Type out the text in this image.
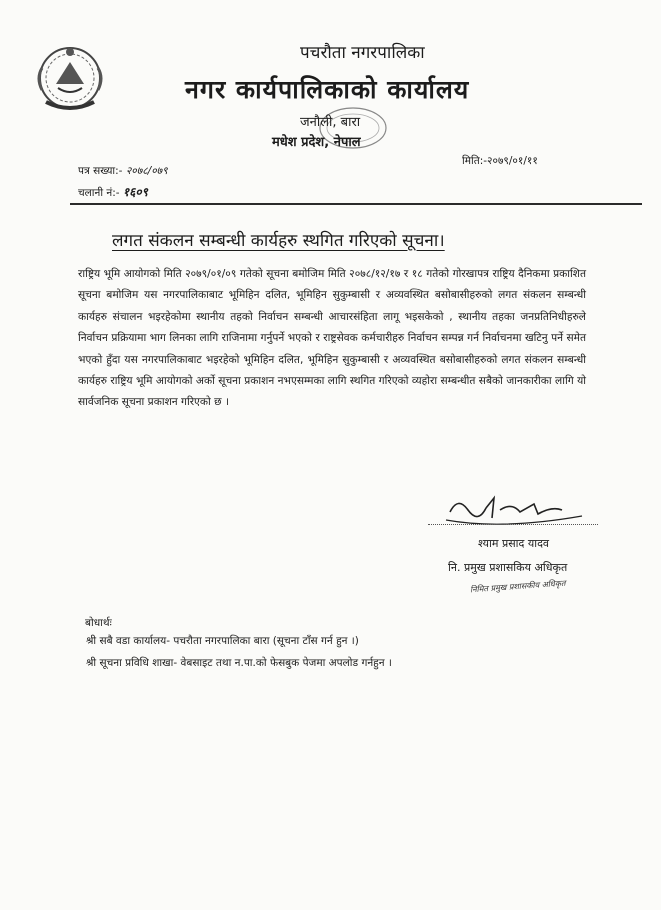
पचरौता नगरपालिका
नगर कार्यपालिकाको कार्यालय
जनौली, बारा
मधेश प्रदेश, नेपाल
पत्र सख्या:- २०७८/०७९
चलानी नं:- १६०९
मिति:-२०७९/०१/११
लगत संकलन सम्बन्धी कार्यहरु स्थगित गरिएको सूचना।
राष्ट्रिय भूमि आयोगको मिति २०७९/०१/०९ गतेको सूचना बमोजिम मिति २०७८/१२/१७ र १८ गतेको गोरखापत्र राष्ट्रिय दैनिकमा प्रकाशित सूचना बमोजिम यस नगरपालिकाबाट भूमिहिन दलित, भूमिहिन सुकुम्बासी र अव्यवस्थित बसोबासीहरुको लगत संकलन सम्बन्धी कार्यहरु संचालन भइरहेकोमा स्थानीय तहको निर्वाचन सम्बन्धी आचारसंहिता लागू भइसकेको , स्थानीय तहका जनप्रतिनिधीहरुले निर्वाचन प्रक्रियामा भाग लिनका लागि राजिनामा गर्नुपर्ने भएको र राष्ट्रसेवक कर्मचारीहरु निर्वाचन सम्पन्न गर्न निर्वाचनमा खटिनु पर्ने समेत भएको हुँदा यस नगरपालिकाबाट भइरहेको भूमिहिन दलित, भूमिहिन सुकुम्बासी र अव्यवस्थित बसोबासीहरुको लगत संकलन सम्बन्धी कार्यहरु राष्ट्रिय भूमि आयोगको अर्को सूचना प्रकाशन नभएसम्मका लागि स्थगित गरिएको व्यहोरा सम्बन्धीत सबैको जानकारीका लागि यो सार्वजनिक सूचना प्रकाशन गरिएको छ ।
श्याम प्रसाद यादव
नि. प्रमुख प्रशासकिय अधिकृत
निमित प्रमुख प्रशासकीय अधिकृत
बोधार्थः
श्री सबै वडा कार्यालय- पचरौता नगरपालिका बारा (सूचना टाँस गर्न हुन ।)
श्री सूचना प्रविधि शाखा- वेबसाइट तथा न.पा.को फेसबुक पेजमा अपलोड गर्नहुन ।
